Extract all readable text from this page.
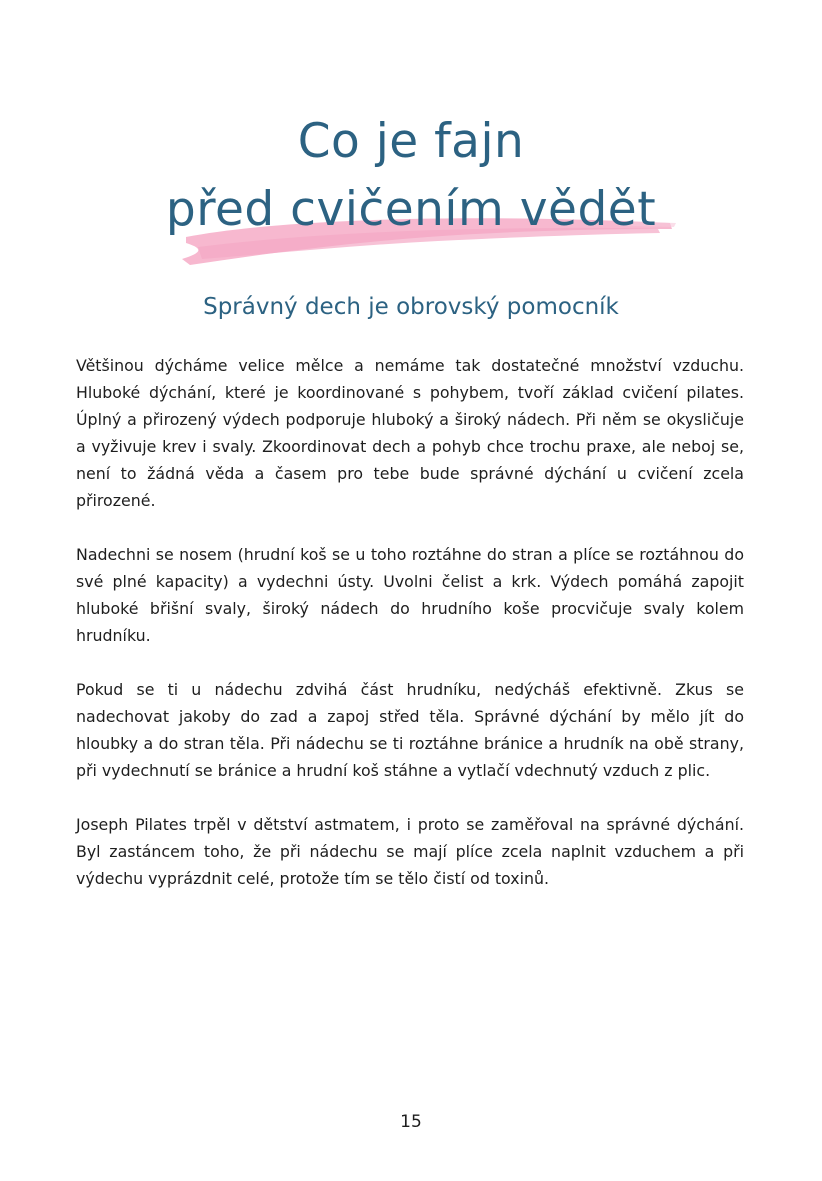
Co je fajn
před cvičením vědět
Správný dech je obrovský pomocník

Většinou dýcháme velice mělce a nemáme tak dostatečné množství vzduchu. Hluboké dýchání, které je koordinované s pohybem, tvoří základ cvičení pilates. Úplný a přirozený výdech podporuje hluboký a široký nádech. Při něm se okysličuje a vyživuje krev i svaly. Zkoordinovat dech a pohyb chce trochu praxe, ale neboj se, není to žádná věda a časem pro tebe bude správné dýchání u cvičení zcela přirozené.

Nadechni se nosem (hrudní koš se u toho roztáhne do stran a plíce se roztáhnou do své plné kapacity) a vydechni ústy. Uvolni čelist a krk. Výdech pomáhá zapojit hluboké břišní svaly, široký nádech do hrudního koše procvičuje svaly kolem hrudníku.

Pokud se ti u nádechu zdvihá část hrudníku, nedýcháš efektivně. Zkus se nadechovat jakoby do zad a zapoj střed těla. Správné dýchání by mělo jít do hloubky a do stran těla. Při nádechu se ti roztáhne bránice a hrudník na obě strany, při vydechnutí se bránice a hrudní koš stáhne a vytlačí vdechnutý vzduch z plic.

Joseph Pilates trpěl v dětství astmatem, i proto se zaměřoval na správné dýchání. Byl zastáncem toho, že při nádechu se mají plíce zcela naplnit vzduchem a při výdechu vyprázdnit celé, protože tím se tělo čistí od toxinů.

15
